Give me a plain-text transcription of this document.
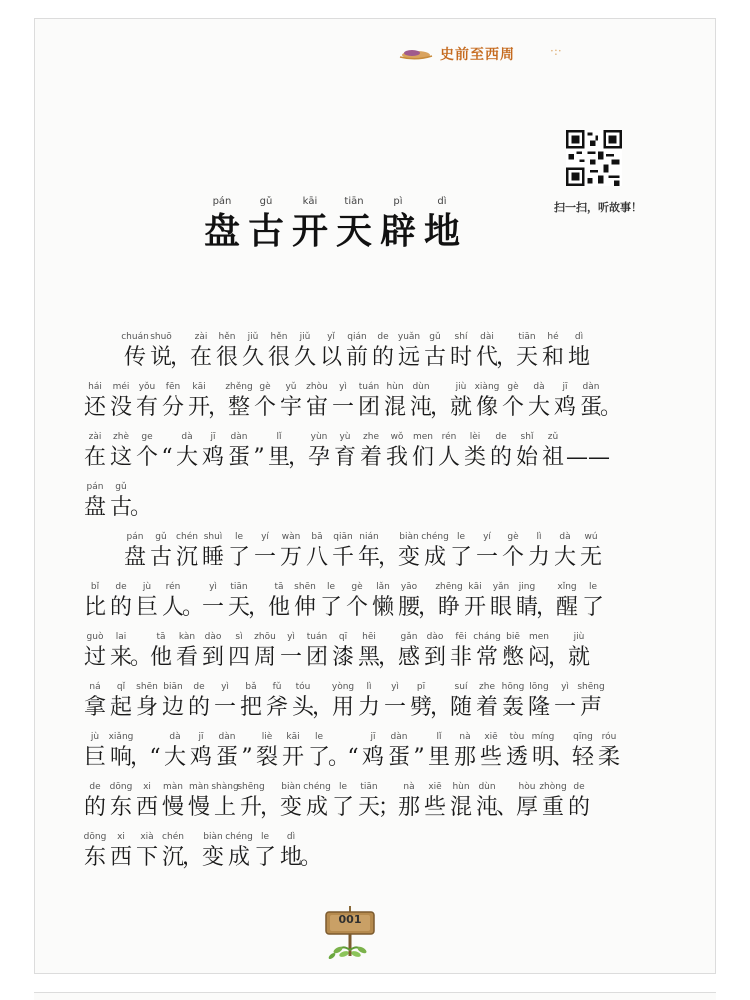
史前至西周	·:·
扫一扫，听故事！
pán
盘
gǔ
古
kāi
开
tiān
天
pì
辟
dì
地
chuán
传
shuō
说
，
zài
在
hěn
很
jiǔ
久
hěn
很
jiǔ
久
yǐ
以
qián
前
de
的
yuǎn
远
gǔ
古
shí
时
dài
代
，
tiān
天
hé
和
dì
地
hái
还
méi
没
yǒu
有
fēn
分
kāi
开
，
zhěng
整
gè
个
yǔ
宇
zhòu
宙
yì
一
tuán
团
hùn
混
dùn
沌
，
jiù
就
xiàng
像
gè
个
dà
大
jī
鸡
dàn
蛋
。
zài
在
zhè
这
ge
个 “
dà
大
jī
鸡
dàn
蛋 ”
lǐ
里
，
yùn
孕
yù
育
zhe
着
wǒ
我
men
们
rén
人
lèi
类
de
的
shǐ
始
zǔ
祖 ——
pán
盘
gǔ
古
。
pán
盘
gǔ
古
chén
沉
shuì
睡
le
了
yí
一
wàn
万
bā
八
qiān
千
nián
年
，
biàn
变
chéng
成
le
了
yí
一
gè
个
lì
力
dà
大
wú
无
bǐ
比
de
的
jù
巨
rén
人
。
yì
一
tiān
天
，
tā
他
shēn
伸
le
了
gè
个
lǎn
懒
yāo
腰
，
zhēng
睁
kāi
开
yǎn
眼
jing
睛
，
xǐng
醒
le
了
guò
过
lai
来
。
tā
他
kàn
看
dào
到
sì
四
zhōu
周
yì
一
tuán
团
qī
漆
hēi
黑
，
gǎn
感
dào
到
fēi
非
cháng
常
biē
憋
men
闷
，
jiù
就
ná
拿
qǐ
起
shēn
身
biān
边
de
的
yì
一
bǎ
把
fǔ
斧
tóu
头
，
yòng
用
lì
力
yì
一
pī
劈
，
suí
随
zhe
着
hōng
轰
lōng
隆
yì
一
shēng
声
jù
巨
xiǎng
响
，
“
dà
大
jī
鸡
dàn
蛋 ”
liè
裂
kāi
开
le
了
。
“
jī
鸡
dàn
蛋 ”
lǐ
里
nà
那
xiē
些
tòu
透
míng
明
、
qīng
轻
róu
柔
de
的
dōng
东
xi
西
màn
慢
màn
慢
shàng
上
shēng
升
，
biàn
变
chéng
成
le
了
tiān
天
；
nà
那
xiē
些
hùn
混
dùn
沌
、
hòu
厚
zhòng
重
de
的
dōng
东
xi
西
xià
下
chén
沉
，
biàn
变
chéng
成
le
了
dì
地
。
001
